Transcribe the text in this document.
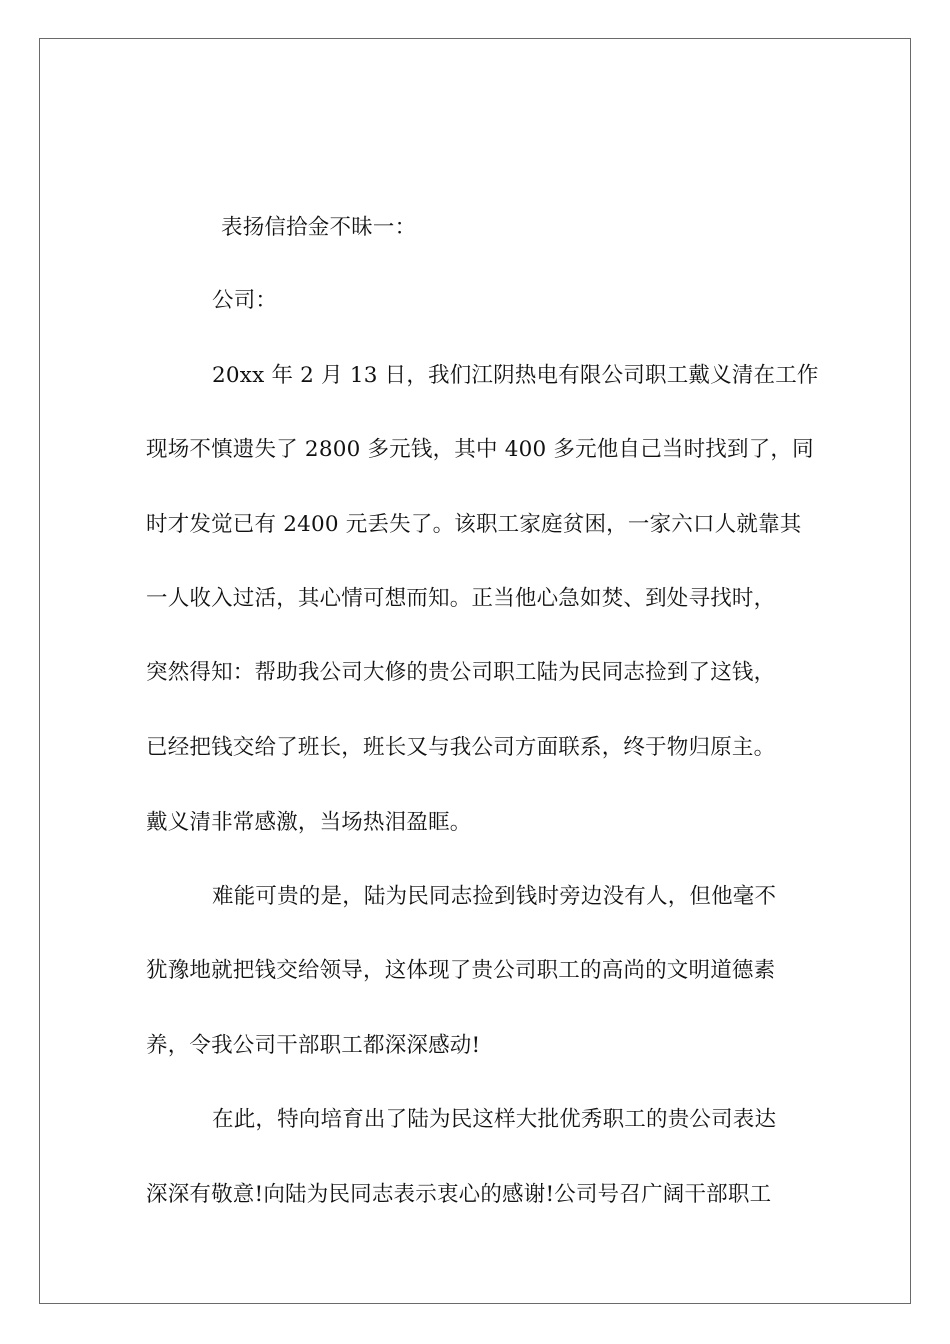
表扬信拾金不昧一：
公司：
20xx 年 2 月 13 日，我们江阴热电有限公司职工戴义清在工作
现场不慎遗失了 2800 多元钱，其中 400 多元他自己当时找到了，同
时才发觉已有 2400 元丢失了。该职工家庭贫困，一家六口人就靠其
一人收入过活，其心情可想而知。正当他心急如焚、到处寻找时，
突然得知：帮助我公司大修的贵公司职工陆为民同志捡到了这钱，
已经把钱交给了班长，班长又与我公司方面联系，终于物归原主。
戴义清非常感激，当场热泪盈眶。
难能可贵的是，陆为民同志捡到钱时旁边没有人，但他毫不
犹豫地就把钱交给领导，这体现了贵公司职工的高尚的文明道德素
养，令我公司干部职工都深深感动!
在此，特向培育出了陆为民这样大批优秀职工的贵公司表达
深深有敬意!向陆为民同志表示衷心的感谢!公司号召广阔干部职工
